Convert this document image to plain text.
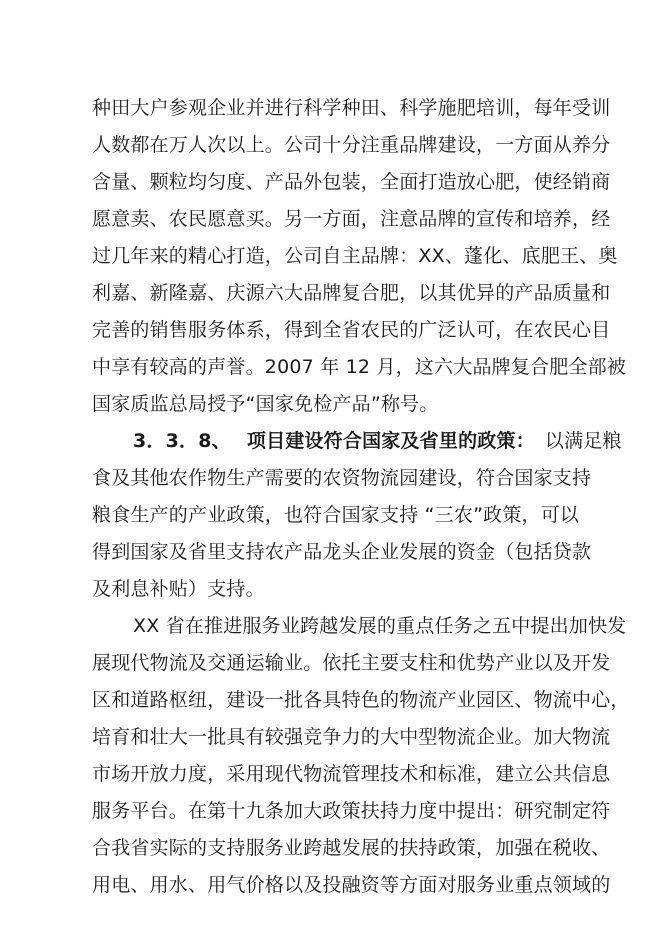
种田大户参观企业并进行科学种田、科学施肥培训，每年受训
人数都在万人次以上。公司十分注重品牌建设，一方面从养分
含量、颗粒均匀度、产品外包装，全面打造放心肥，使经销商
愿意卖、农民愿意买。另一方面，注意品牌的宣传和培养，经
过几年来的精心打造，公司自主品牌：XX、蓬化、底肥王、奥
利嘉、新隆嘉、庆源六大品牌复合肥，以其优异的产品质量和
完善的销售服务体系，得到全省农民的广泛认可，在农民心目
中享有较高的声誉。2007 年 12 月，这六大品牌复合肥全部被
国家质监总局授予“国家免检产品”称号。
3．3．8、 项目建设符合国家及省里的政策： 以满足粮
食及其他农作物生产需要的农资物流园建设，符合国家支持
粮食生产的产业政策，也符合国家支持 “三农”政策，可以
得到国家及省里支持农产品龙头企业发展的资金（包括贷款
及利息补贴）支持。
XX 省在推进服务业跨越发展的重点任务之五中提出加快发
展现代物流及交通运输业。依托主要支柱和优势产业以及开发
区和道路枢纽，建设一批各具特色的物流产业园区、物流中心，
培育和壮大一批具有较强竞争力的大中型物流企业。加大物流
市场开放力度，采用现代物流管理技术和标准，建立公共信息
服务平台。在第十九条加大政策扶持力度中提出：研究制定符
合我省实际的支持服务业跨越发展的扶持政策，加强在税收、
用电、用水、用气价格以及投融资等方面对服务业重点领域的
